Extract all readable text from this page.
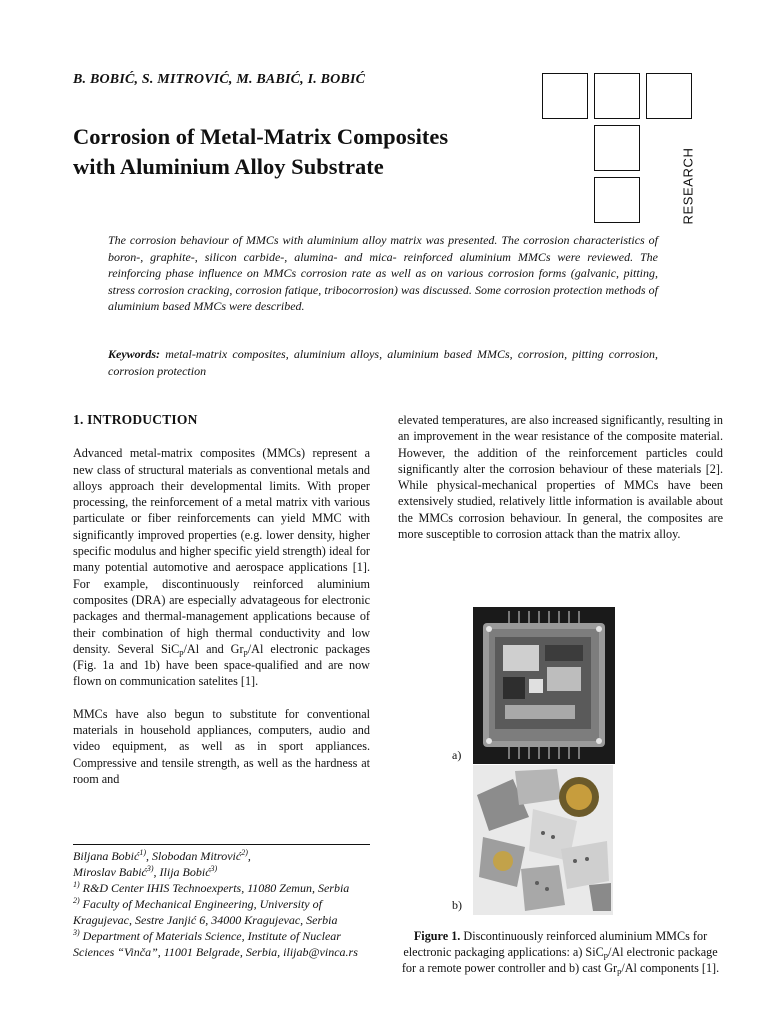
B. BOBIĆ, S. MITROVIĆ, M. BABIĆ, I. BOBIĆ
Corrosion of Metal-Matrix Composites
with Aluminium Alloy Substrate	RESEARCH
The corrosion behaviour of MMCs with aluminium alloy matrix was presented. The corrosion characteristics of boron-, graphite-, silicon carbide-, alumina- and mica- reinforced aluminium MMCs were reviewed. The reinforcing phase influence on MMCs corrosion rate as well as on various corrosion forms (galvanic, pitting, stress corrosion cracking, corrosion fatique, tribocorrosion) was discussed. Some corrosion protection methods of aluminium based MMCs were described.
Keywords: metal-matrix composites, aluminium alloys, aluminium based MMCs, corrosion, pitting corrosion, corrosion protection
1. INTRODUCTION

Advanced metal-matrix composites (MMCs) represent a new class of structural materials as conventional metals and alloys approach their developmental limits. With proper processing, the reinforcement of a metal matrix vith various particulate or fiber reinforcements can yield MMC with significantly improved properties (e.g. lower density, higher specific modulus and higher specific yield strength) ideal for many potential automotive and aerospace applications [1]. For example, discontinuously reinforced aluminium composites (DRA) are especially advatageous for electronic packages and thermal-management applications because of their combination of high thermal conductivity and low density. Several SiC$_p$/Al and $Gr_p/Al$ electronic packages (Fig. 1a and 1b) have been space-qualified and are now flown on communication satelites [1].

MMCs have also begun to substitute for conventional materials in household appliances, computers, audio and video equipment, as well as in sport appliances. Compressive and tensile strength, as well as the hardness at room and

Biljana Bobić$^{1)}$, Slobodan Mitrović$^{2)}$,

Miroslav Babić$^{3)}$, Ilija Bobić$^{3)}$

$^{1)}$ R&D Center IHIS Technoexperts, 11080 Zemun, Serbia

$^{2)}$ Faculty of Mechanical Engineering, University of Kragujevac, Sestre Janjić 6, 34000 Kragujevac, Serbia

$^{3)}$ Department of Materials Science, Institute of Nuclear Sciences “Vinča”, 11001 Belgrade, Serbia, ilijab@vinca.rs

elevated temperatures, are also increased significantly, resulting in an improvement in the wear resistance of the composite material. However, the addition of the reinforcement particles could significantly alter the corrosion behaviour of these materials [2]. While physical-mechanical properties of MMCs have been extensively studied, relatively little information is available about the MMCs corrosion behaviour. In general, the composites are more susceptible to corrosion attack than the matrix alloy.

a)
b)
Figure 1. Discontinuously reinforced aluminium MMCs for electronic packaging applications: a) SiC$_p$/Al electronic package for a remote power controller and b) cast $Gr_p/Al$ components [1].
